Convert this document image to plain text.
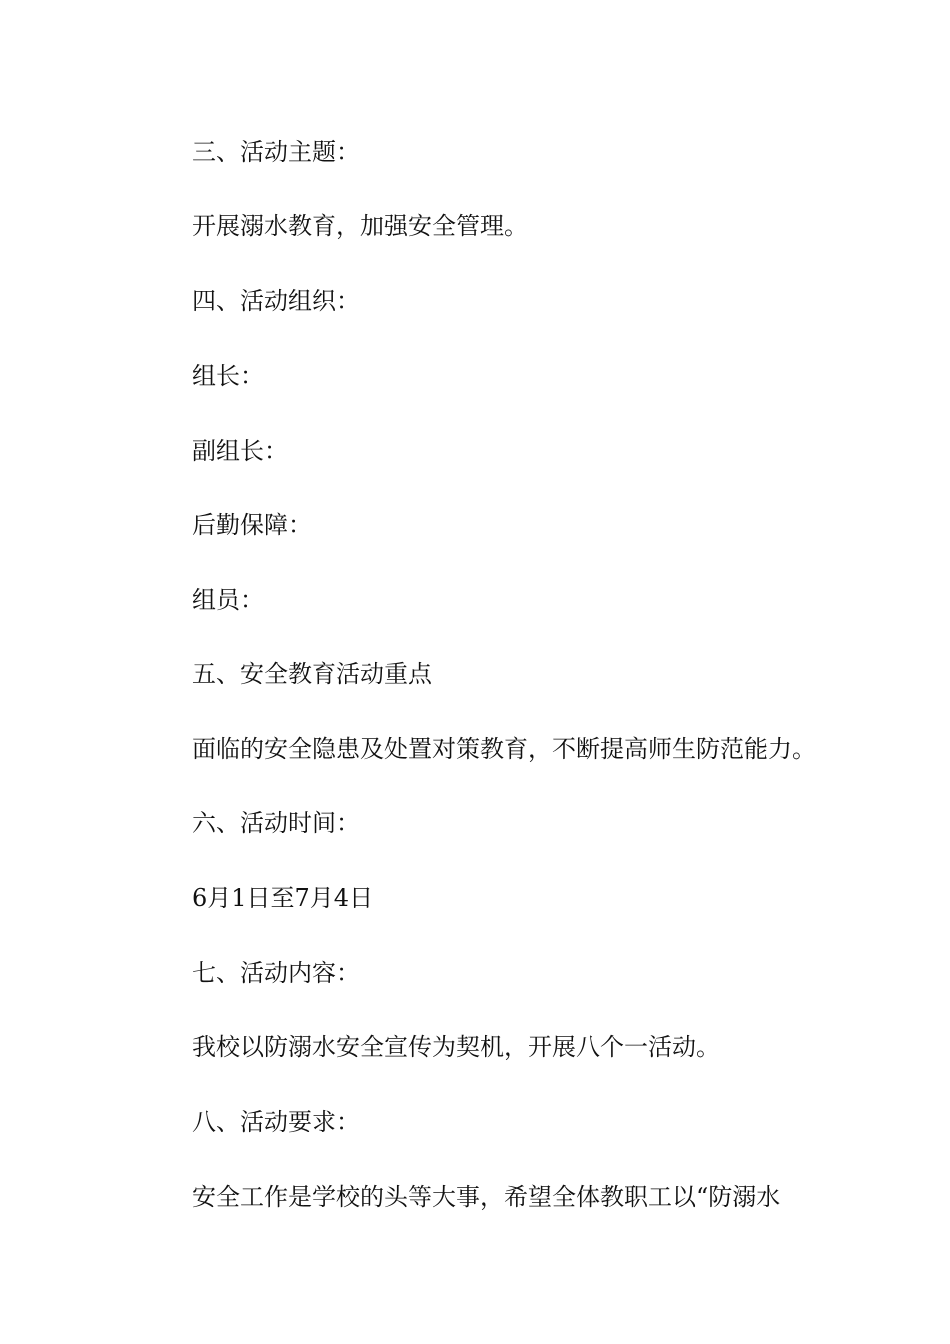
三、活动主题：

开展溺水教育，加强安全管理。

四、活动组织：

组长：

副组长：

后勤保障：

组员：

五、安全教育活动重点

面临的安全隐患及处置对策教育，不断提高师生防范能力。

六、活动时间：

6月1日至7月4日

七、活动内容：

我校以防溺水安全宣传为契机，开展八个一活动。

八、活动要求：

安全工作是学校的头等大事，希望全体教职工以“防溺水
